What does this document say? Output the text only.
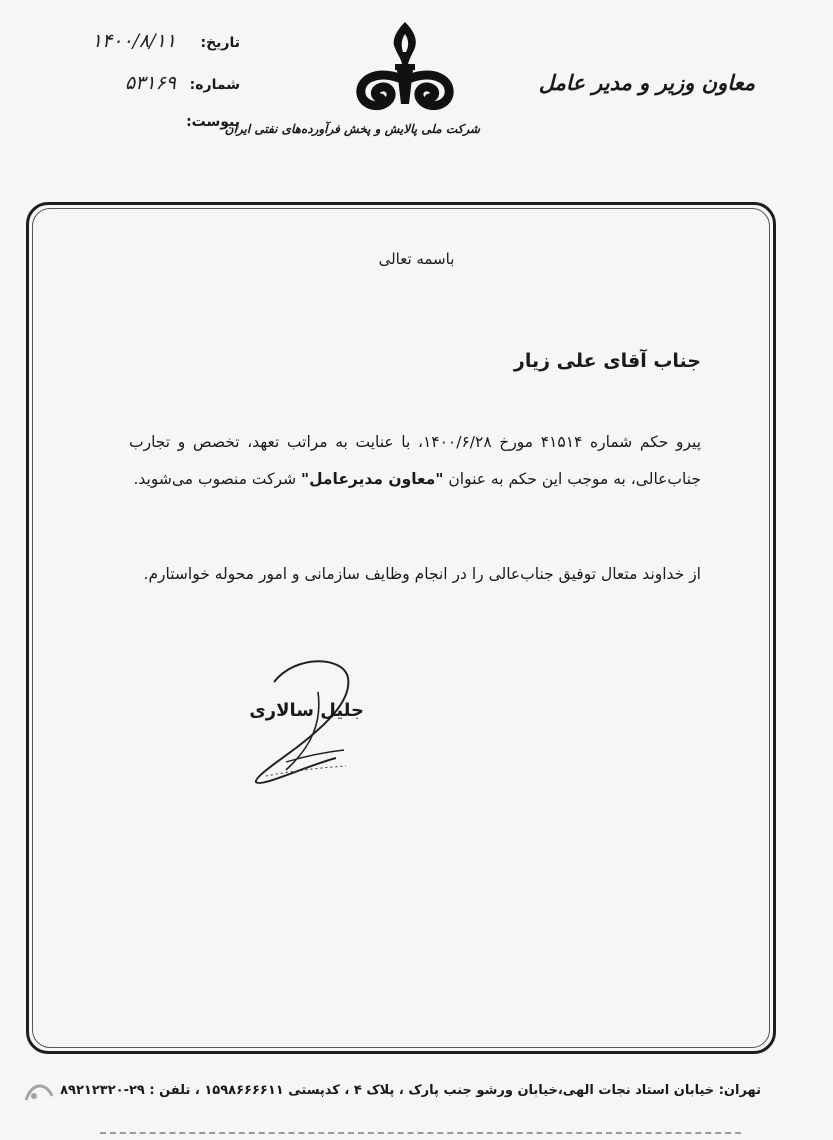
تاریخ:
۱۴۰۰/۸/۱۱
شماره:
۵۳۱۶۹
پیوست:
شرکت ملی پالایش و پخش فرآورده‌های نفتی ایران
معاون وزیر و مدیر عامل
باسمه تعالی
جناب آقای علی زیار
پیرو حکم شماره ۴۱۵۱۴ مورخ ۱۴۰۰/۶/۲۸، با عنایت به مراتب تعهد، تخصص و تجارب جناب‌عالی، به موجب این حکم به عنوان "معاون مدیرعامل" شرکت منصوب می‌شوید.
از خداوند متعال توفیق جناب‌عالی را در انجام وظایف سازمانی و امور محوله خواستارم.
جلیل سالاری
تهران: خیابان استاد نجات الهی،خیابان ورشو جنب پارک ، پلاک ۴ ، کدپستی ۱۵۹۸۶۶۶۶۱۱ ، تلفن : ۲۹-۸۹۲۱۲۳۲۰
